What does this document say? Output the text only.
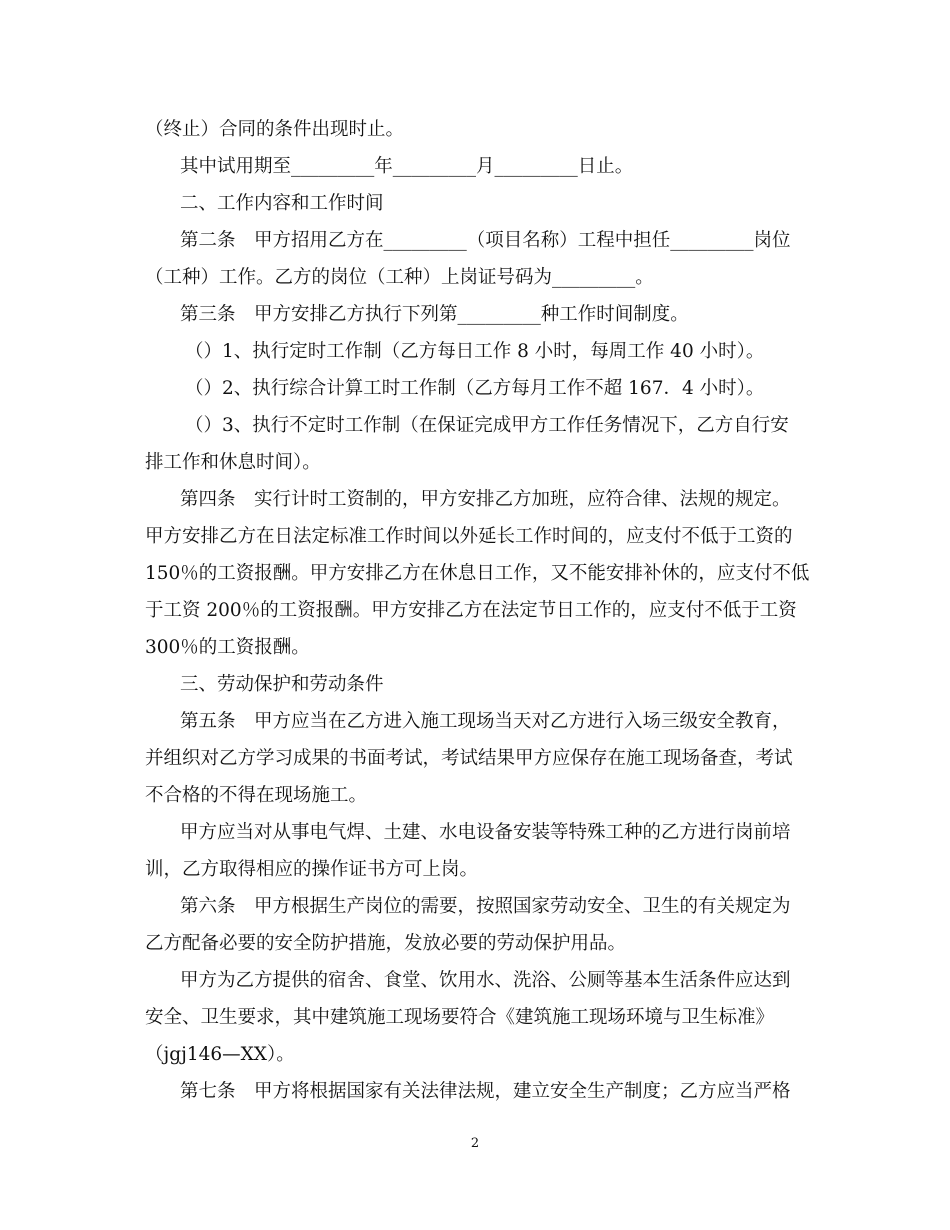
（终止）合同的条件出现时止。
其中试用期至_________年_________月_________日止。
二、工作内容和工作时间
第二条　甲方招用乙方在_________（项目名称）工程中担任_________岗位
（工种）工作。乙方的岗位（工种）上岗证号码为_________。
第三条　甲方安排乙方执行下列第_________种工作时间制度。
（）1、执行定时工作制（乙方每日工作 8 小时，每周工作 40 小时）。
（）2、执行综合计算工时工作制（乙方每月工作不超 167．4 小时）。
（）3、执行不定时工作制（在保证完成甲方工作任务情况下，乙方自行安
排工作和休息时间）。
第四条　实行计时工资制的，甲方安排乙方加班，应符合律、法规的规定。
甲方安排乙方在日法定标准工作时间以外延长工作时间的，应支付不低于工资的
150％的工资报酬。甲方安排乙方在休息日工作，又不能安排补休的，应支付不低
于工资 200％的工资报酬。甲方安排乙方在法定节日工作的，应支付不低于工资
300％的工资报酬。
三、劳动保护和劳动条件
第五条　甲方应当在乙方进入施工现场当天对乙方进行入场三级安全教育，
并组织对乙方学习成果的书面考试，考试结果甲方应保存在施工现场备查，考试
不合格的不得在现场施工。
甲方应当对从事电气焊、土建、水电设备安装等特殊工种的乙方进行岗前培
训，乙方取得相应的操作证书方可上岗。
第六条　甲方根据生产岗位的需要，按照国家劳动安全、卫生的有关规定为
乙方配备必要的安全防护措施，发放必要的劳动保护用品。
甲方为乙方提供的宿舍、食堂、饮用水、洗浴、公厕等基本生活条件应达到
安全、卫生要求，其中建筑施工现场要符合《建筑施工现场环境与卫生标准》
（jgj146—XX）。
第七条　甲方将根据国家有关法律法规，建立安全生产制度；乙方应当严格
2
